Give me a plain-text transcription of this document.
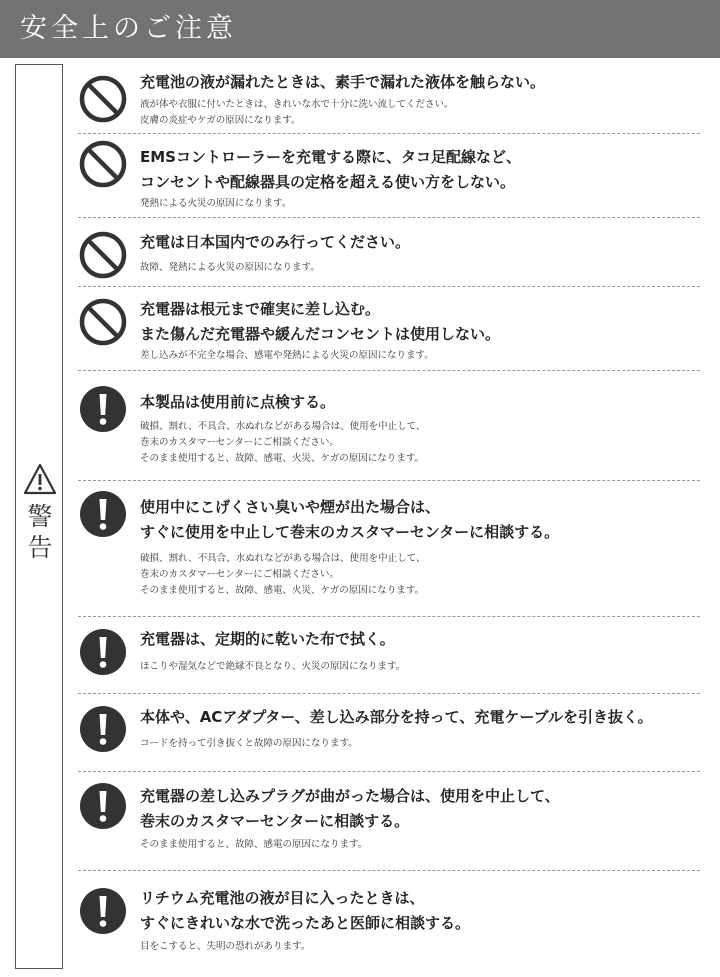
安全上のご注意
警
告
充電池の液が漏れたときは、素手で漏れた液体を触らない。
液が体や衣服に付いたときは、きれいな水で十分に洗い流してください。
皮膚の炎症やケガの原因になります。
EMSコントローラーを充電する際に、タコ足配線など、
コンセントや配線器具の定格を超える使い方をしない。
発熱による火災の原因になります。
充電は日本国内でのみ行ってください。
故障、発熱による火災の原因になります。
充電器は根元まで確実に差し込む。
また傷んだ充電器や緩んだコンセントは使用しない。
差し込みが不完全な場合、感電や発熱による火災の原因になります。
本製品は使用前に点検する。
破損、割れ、不具合、水ぬれなどがある場合は、使用を中止して、
巻末のカスタマーセンターにご相談ください。
そのまま使用すると、故障、感電、火災、ケガの原因になります。
使用中にこげくさい臭いや煙が出た場合は、
すぐに使用を中止して巻末のカスタマーセンターに相談する。
破損、割れ、不具合、水ぬれなどがある場合は、使用を中止して、
巻末のカスタマーセンターにご相談ください。
そのまま使用すると、故障、感電、火災、ケガの原因になります。
充電器は、定期的に乾いた布で拭く。
ほこりや湿気などで絶縁不良となり、火災の原因になります。
本体や、ACアダプター、差し込み部分を持って、充電ケーブルを引き抜く。
コードを持って引き抜くと故障の原因になります。
充電器の差し込みプラグが曲がった場合は、使用を中止して、
巻末のカスタマーセンターに相談する。
そのまま使用すると、故障、感電の原因になります。
リチウム充電池の液が目に入ったときは、
すぐにきれいな水で洗ったあと医師に相談する。
目をこすると、失明の恐れがあります。
